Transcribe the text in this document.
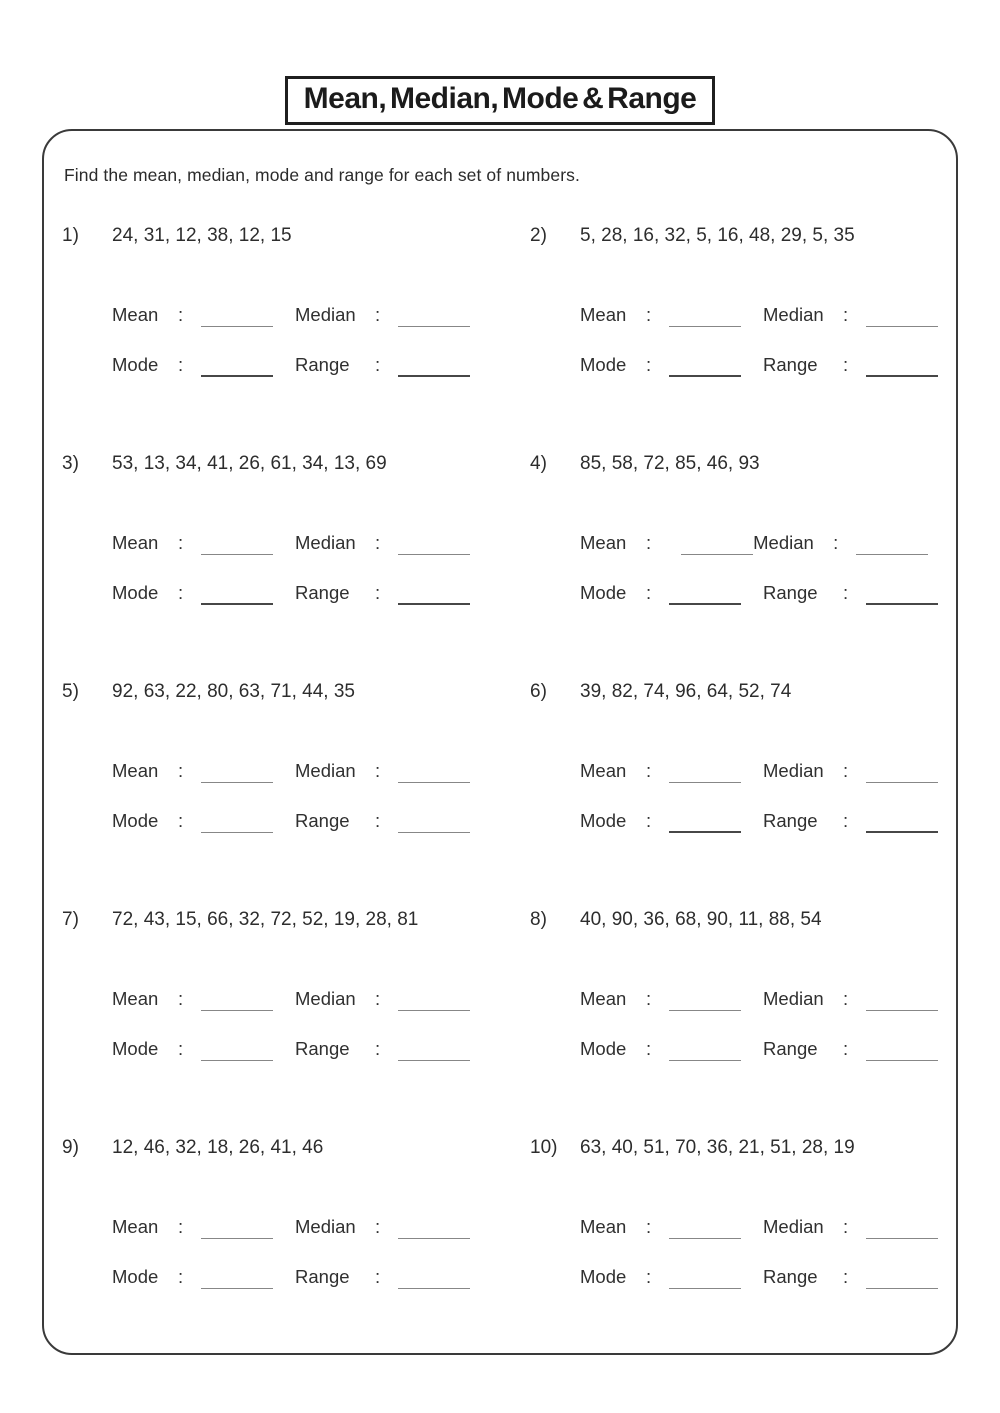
Mean, Median, Mode & Range
Find the mean, median, mode and range for each set of numbers.
1) 24, 31, 12, 38, 12, 15
Mean	:	Median	:
Mode	:	Range	:
2) 5, 28, 16, 32, 5, 16, 48, 29, 5, 35
Mean	:	Median	:
Mode	:	Range	:
3) 53, 13, 34, 41, 26, 61, 34, 13, 69
Mean	:	Median	:
Mode	:	Range	:
4) 85, 58, 72, 85, 46, 93
Mean	:	Median	:
Mode	:	Range	:
5) 92, 63, 22, 80, 63, 71, 44, 35
Mean	:	Median	:
Mode	:	Range	:
6) 39, 82, 74, 96, 64, 52, 74
Mean	:	Median	:
Mode	:	Range	:
7) 72, 43, 15, 66, 32, 72, 52, 19, 28, 81
Mean	:	Median	:
Mode	:	Range	:
8) 40, 90, 36, 68, 90, 11, 88, 54
Mean	:	Median	:
Mode	:	Range	:
9) 12, 46, 32, 18, 26, 41, 46
Mean	:	Median	:
Mode	:	Range	:
10) 63, 40, 51, 70, 36, 21, 51, 28, 19
Mean	:	Median	:
Mode	:	Range	:
